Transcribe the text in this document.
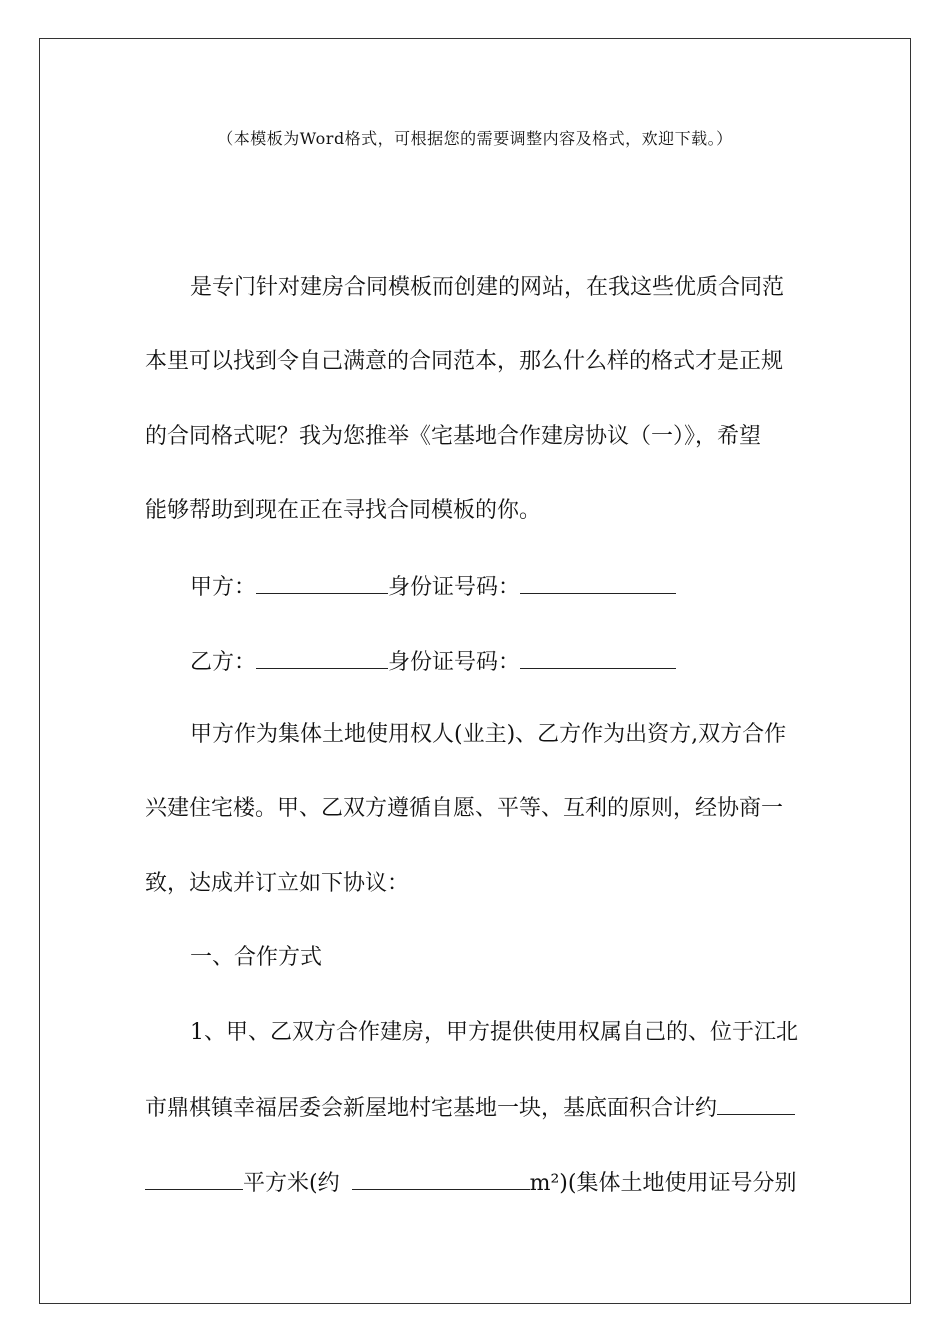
（本模板为Word格式，可根据您的需要调整内容及格式，欢迎下载。）
是专门针对建房合同模板而创建的网站，在我这些优质合同范
本里可以找到令自己满意的合同范本，那么什么样的格式才是正规
的合同格式呢？我为您推举《宅基地合作建房协议（一）》，希望
能够帮助到现在正在寻找合同模板的你。
甲方：	身份证号码：
乙方：	身份证号码：
甲方作为集体土地使用权人(业主)、乙方作为出资方,双方合作
兴建住宅楼。甲、乙双方遵循自愿、平等、互利的原则，经协商一
致，达成并订立如下协议：
一、合作方式
1、甲、乙双方合作建房，甲方提供使用权属自己的、位于江北
市鼎棋镇幸福居委会新屋地村宅基地一块，基底面积合计约
平方米(约	m²)(集体土地使用证号分别
